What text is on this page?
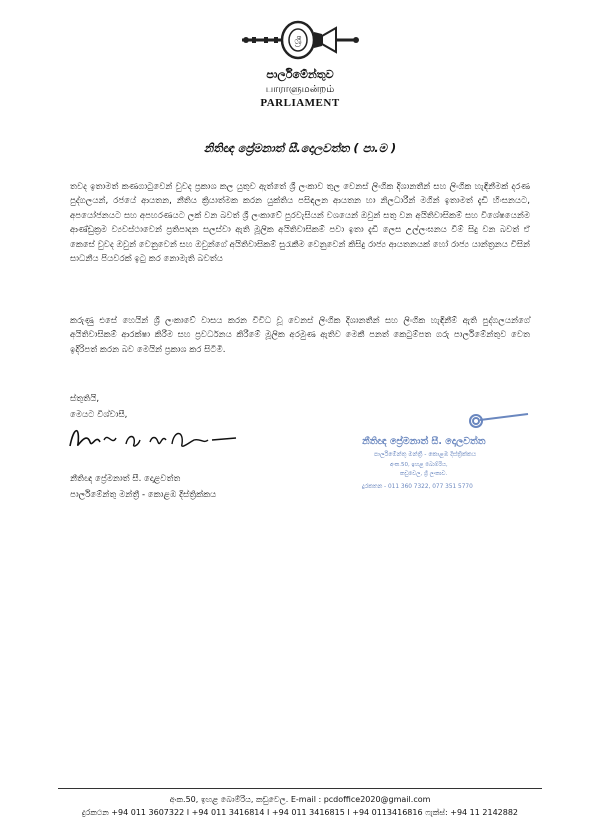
ශ්‍රී
පාර්ලිමේන්තුව
பாராளுமன்றம்
PARLIAMENT
නිතිඥ ප්‍රේමනාත් සී.දොලවත්ත ( පා.ම )
තවද ඉතාමත් කණගාටුවෙන් වුවද ප්‍රකාශ කල යුතුව ඇත්තේ ශ්‍රී ලංකාව තුල වෙනස් ලිංගික දිශානතීන් සහ ලිංගික හැඳිනීමක් දරණ පුද්ගලයන්, රජයේ ආයතන, නීතිය ක්‍රියාත්මක කරන යුක්තිය පසිඳලන ආයතන හා නිලධාරීන් මගින් ඉතාමත් දැඩි හිංසනයට, අපයෝජනයට සහ අපහරණයට ලක් වන බවත් ශ්‍රී ලංකාවේ පුරවැසියන් වශයෙන් ඔවුන් සතු වන අයිතිවාසිකම් සහ විශේෂයෙන්ම ආණ්ඩුක්‍රම ව්‍යවස්ථාවෙන් ප්‍රතිපාදන සලස්වා ඇති මූලික අයිතිවාසිකම් පවා ඉතා දැඩි ලෙස උල්ලංඝනය වීම් සිදු වන බවත් ඒ කෙසේ වුවද ඔවුන් වෙනුවෙන් සහ ඔවුන්ගේ අයිතිවාසිකම් සුරැකීම වෙනුවෙන් කිසිදු රාජ්‍ය ආයතනයක් හෝ රාජ්‍ය යාන්ත්‍රනය විසින් සාධනීය පියවරක් ඉටු කර නොමැති බවත්ය
කරුණු එසේ හෙයින් ශ්‍රී ලංකාවේ වාසය කරන විවිධ වූ වෙනස් ලිංගික දිශානතීන් සහ ලිංගික හැඳිනීම් ඇති පුද්ගලයන්ගේ අයිතිවාසිකම් ආරක්ෂා කිරීම සහ ප්‍රවර්ධනය කිරීමේ මූලික අරමුණ ඇතිව මෙකී පනත් කෙටුම්පත ගරු පාර්ලිමේන්තුව වෙත ඉදිරිපත් කරන බව මෙයින් ප්‍රකාශ කර සිටිමි.
ස්තුතියි,
මෙයට විශ්වාසී,
නීතිඥ ප්‍රේමනාත් සී. දොළවත්ත
පාර්ලිමේන්තු මන්ත්‍රී - කොළඹ දිස්ත්‍රික්කය
නීතිඥ ප්‍රේමනාත් සී. දොලවත්ත
පාර්ලිමේන්තු මන්ත්‍රී - කොළඹ දිස්ත්‍රික්කය
අංක.50, ඉහළ බොම්රිය,
කඩුවෙල, ශ්‍රී ලංකාව.
දුරකතන - 011 360 7322, 077 351 5770
අංක.50, ඉහළ බොම්රිය, කඩුවෙල. E-mail : pcdoffice2020@gmail.com
දුරකථන +94 011 3607322 I +94 011 3416814 I +94 011 3416815 I +94 0113416816 ෆැක්ස්: +94 11 2142882
